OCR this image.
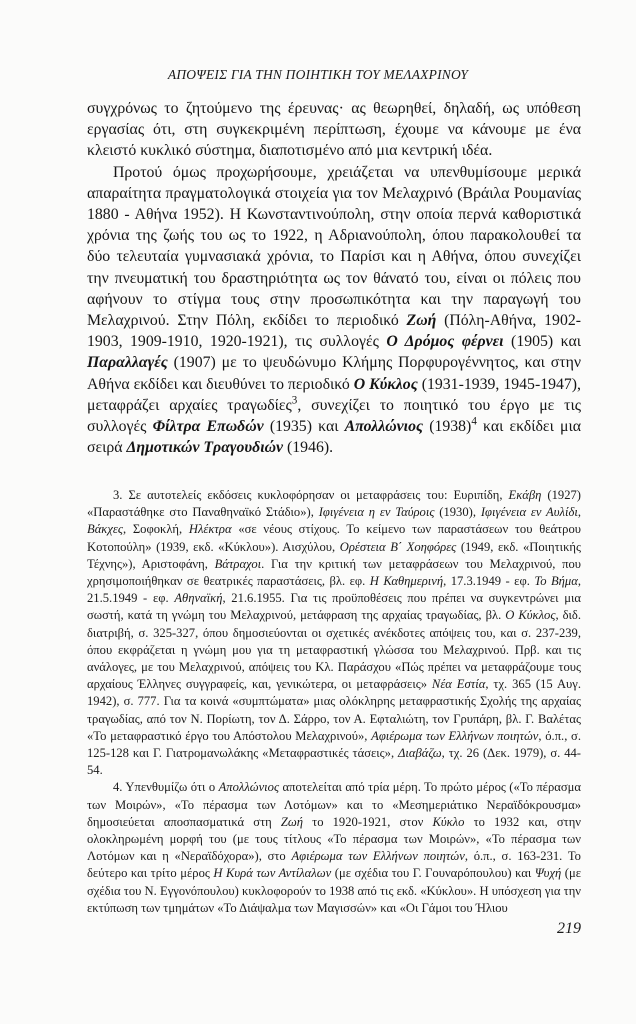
ΑΠΟΨΕΙΣ ΓΙΑ ΤΗΝ ΠΟΙΗΤΙΚΗ ΤΟΥ ΜΕΛΑΧΡΙΝΟΥ

συγχρόνως το ζητούμενο της έρευνας· ας θεωρηθεί, δηλαδή, ως υπόθεση εργασίας ότι, στη συγκεκριμένη περίπτωση, έχουμε να κάνουμε με ένα κλειστό κυκλικό σύστημα, διαποτισμένο από μια κεντρική ιδέα.

Προτού όμως προχωρήσουμε, χρειάζεται να υπενθυμίσουμε μερικά απαραίτητα πραγματολογικά στοιχεία για τον Μελαχρινό (Βράιλα Ρουμανίας 1880 - Αθήνα 1952). Η Κωνσταντινούπολη, στην οποία περνά καθοριστικά χρόνια της ζωής του ως το 1922, η Αδριανούπολη, όπου παρακολουθεί τα δύο τελευταία γυμνασιακά χρόνια, το Παρίσι και η Αθήνα, όπου συνεχίζει την πνευματική του δραστηριότητα ως τον θάνατό του, είναι οι πόλεις που αφήνουν το στίγμα τους στην προσωπικότητα και την παραγωγή του Μελαχρινού. Στην Πόλη, εκδίδει το περιοδικό Ζωή (Πόλη-Αθήνα, 1902-1903, 1909-1910, 1920-1921), τις συλλογές Ο Δρόμος φέρνει (1905) και Παραλλαγές (1907) με το ψευδώνυμο Κλήμης Πορφυρογέννητος, και στην Αθήνα εκδίδει και διευθύνει το περιοδικό Ο Κύκλος (1931-1939, 1945-1947), μεταφράζει αρχαίες τραγωδίες$^3$, συνεχίζει το ποιητικό του έργο με τις συλλογές Φίλτρα Επωδών (1935) και Απολλώνιος $(1938)^4$ και εκδίδει μια σειρά Δημοτικών Τραγουδιών (1946).

3. Σε αυτοτελείς εκδόσεις κυκλοφόρησαν οι μεταφράσεις του: Ευριπίδη, Εκάβη (1927) «Παραστάθηκε στο Παναθηναϊκό Στάδιο»), Ιφιγένεια η εν Ταύροις (1930), Ιφιγένεια εν Αυλίδι, Βάκχες, Σοφοκλή, Ηλέκτρα «σε νέους στίχους. Το κείμενο των παραστάσεων του θεάτρου Κοτοπούλη» (1939, εκδ. «Κύκλου»). Αισχύλου, Ορέστεια Β΄ Χοηφόρες (1949, εκδ. «Ποιητικής Τέχνης»), Αριστοφάνη, Βάτραχοι. Για την κριτική των μεταφράσεων του Μελαχρινού, που χρησιμοποιήθηκαν σε θεατρικές παραστάσεις, βλ. εφ. Η Καθημερινή, 17.3.1949 - εφ. Το Βήμα, 21.5.1949 - εφ. Αθηναϊκή, 21.6.1955. Για τις προϋποθέσεις που πρέπει να συγκεντρώνει μια σωστή, κατά τη γνώμη του Μελαχρινού, μετάφραση της αρχαίας τραγωδίας, βλ. Ο Κύκλος, διδ. διατριβή, σ. 325-327, όπου δημοσιεύονται οι σχετικές ανέκδοτες απόψεις του, και σ. 237-239, όπου εκφράζεται η γνώμη μου για τη μεταφραστική γλώσσα του Μελαχρινού. Πρβ. και τις ανάλογες, με του Μελαχρινού, απόψεις του Κλ. Παράσχου «Πώς πρέπει να μεταφράζουμε τους αρχαίους Έλληνες συγγραφείς, και, γενικώτερα, οι μεταφράσεις» Νέα Εστία, τχ. 365 (15 Αυγ. 1942), σ. 777. Για τα κοινά «συμπτώματα» μιας ολόκληρης μεταφραστικής Σχολής της αρχαίας τραγωδίας, από τον Ν. Πορίωτη, τον Δ. Σάρρο, τον Α. Εφταλιώτη, τον Γρυπάρη, βλ. Γ. Βαλέτας «Το μεταφραστικό έργο του Απόστολου Μελαχρινού», Αφιέρωμα των Ελλήνων ποιητών, ό.π., σ. 125-128 και Γ. Γιατρομανωλάκης «Μεταφραστικές τάσεις», Διαβάζω, τχ. 26 (Δεκ. 1979), σ. 44-54.

4. Υπενθυμίζω ότι ο Απολλώνιος αποτελείται από τρία μέρη. Το πρώτο μέρος («Το πέρασμα των Μοιρών», «Το πέρασμα των Λοτόμων» και το «Μεσημεριάτικο Νεραϊδόκρουσμα» δημοσιεύεται αποσπασματικά στη Ζωή το 1920-1921, στον Κύκλο το 1932 και, στην ολοκληρωμένη μορφή του (με τους τίτλους «Το πέρασμα των Μοιρών», «Το πέρασμα των Λοτόμων και η «Νεραϊδόχορα»), στο Αφιέρωμα των Ελλήνων ποιητών, ό.π., σ. 163-231. Το δεύτερο και τρίτο μέρος Η Κυρά των Αντίλαλων (με σχέδια του Γ. Γουναρόπουλου) και Ψυχή (με σχέδια του Ν. Εγγονόπουλου) κυκλοφορούν το 1938 από τις εκδ. «Κύκλου». Η υπόσχεση για την εκτύπωση των τμημάτων «Το Διάψαλμα των Μαγισσών» και «Οι Γάμοι του Ήλιου

219
